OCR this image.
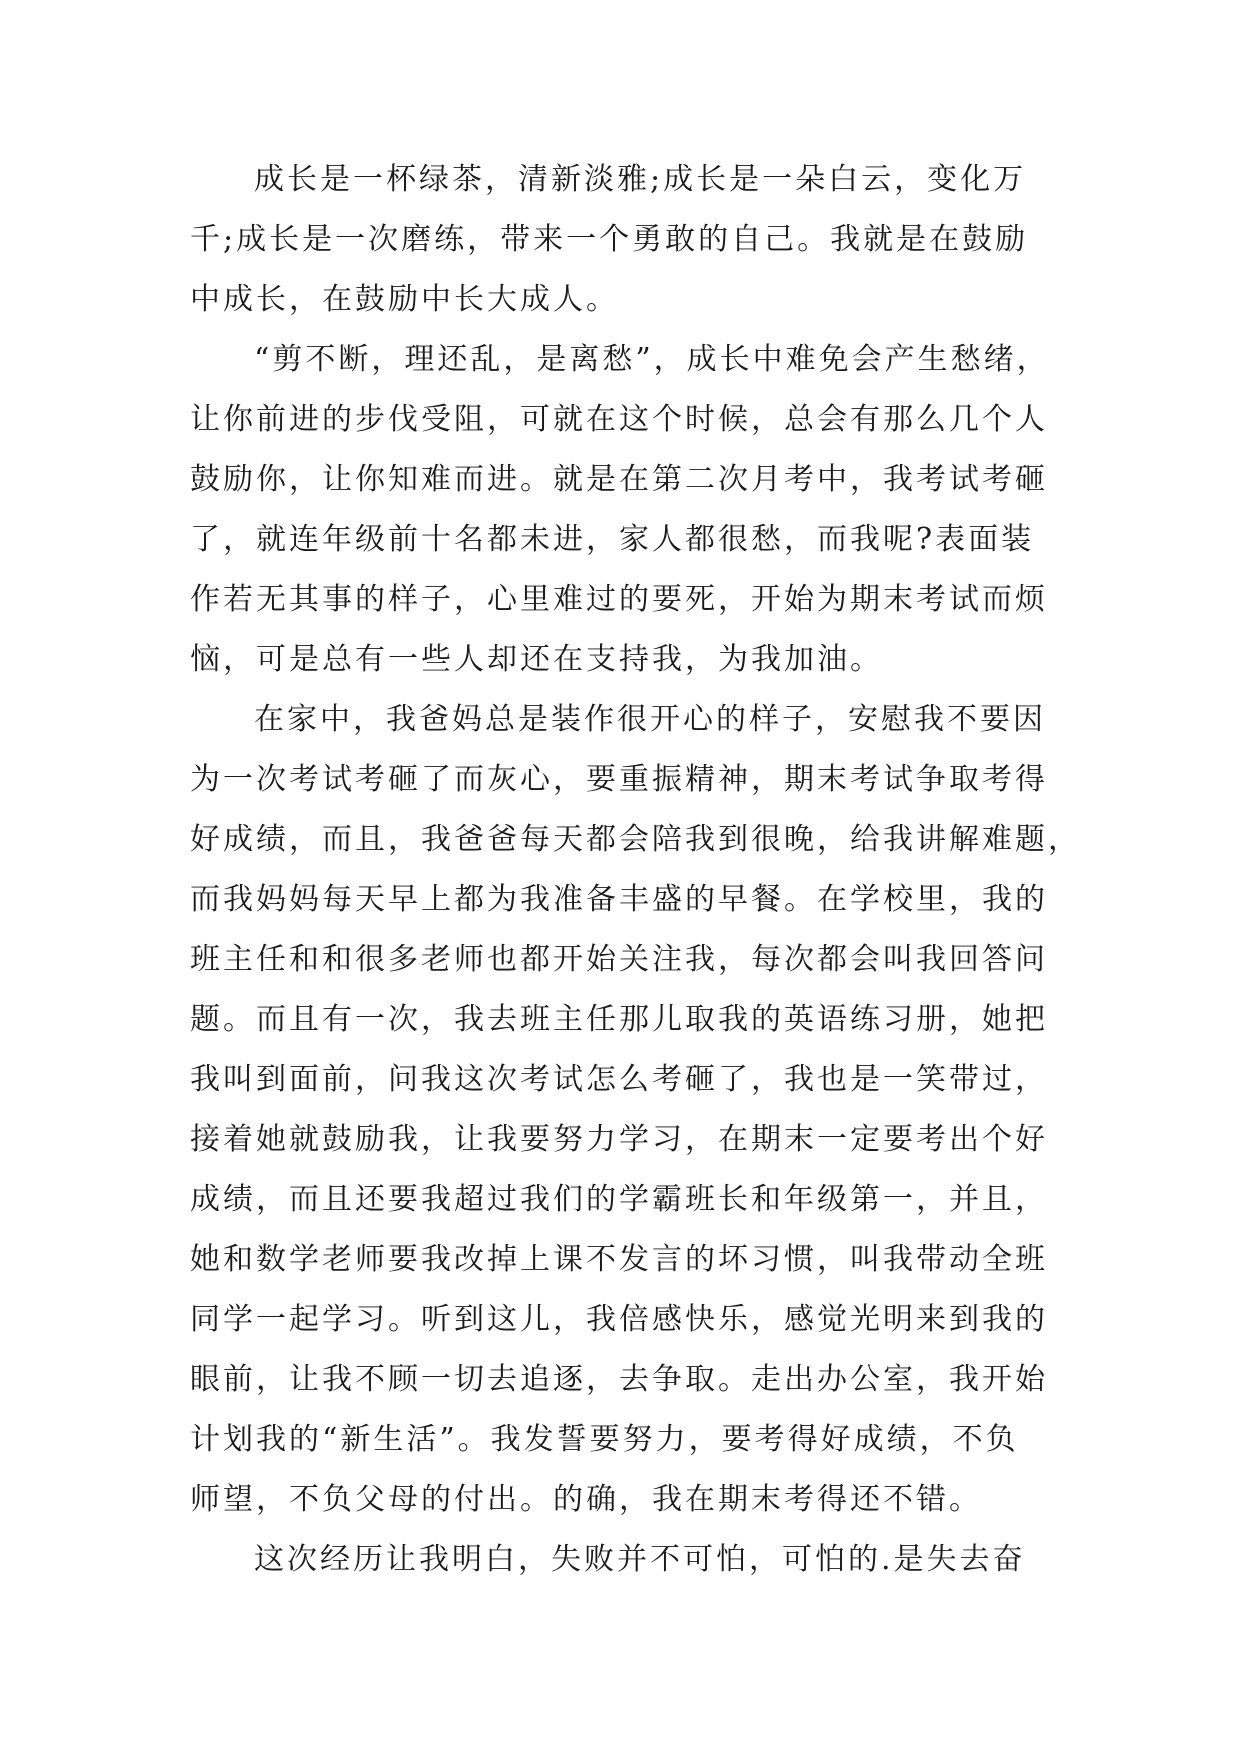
成长是一杯绿茶，清新淡雅;成长是一朵白云，变化万
千;成长是一次磨练，带来一个勇敢的自己。我就是在鼓励
中成长，在鼓励中长大成人。
“剪不断，理还乱，是离愁”，成长中难免会产生愁绪，
让你前进的步伐受阻，可就在这个时候，总会有那么几个人
鼓励你，让你知难而进。就是在第二次月考中，我考试考砸
了，就连年级前十名都未进，家人都很愁，而我呢?表面装
作若无其事的样子，心里难过的要死，开始为期末考试而烦
恼，可是总有一些人却还在支持我，为我加油。
在家中，我爸妈总是装作很开心的样子，安慰我不要因
为一次考试考砸了而灰心，要重振精神，期末考试争取考得
好成绩，而且，我爸爸每天都会陪我到很晚，给我讲解难题，
而我妈妈每天早上都为我准备丰盛的早餐。在学校里，我的
班主任和和很多老师也都开始关注我，每次都会叫我回答问
题。而且有一次，我去班主任那儿取我的英语练习册，她把
我叫到面前，问我这次考试怎么考砸了，我也是一笑带过，
接着她就鼓励我，让我要努力学习，在期末一定要考出个好
成绩，而且还要我超过我们的学霸班长和年级第一，并且，
她和数学老师要我改掉上课不发言的坏习惯，叫我带动全班
同学一起学习。听到这儿，我倍感快乐，感觉光明来到我的
眼前，让我不顾一切去追逐，去争取。走出办公室，我开始
计划我的“新生活”。我发誓要努力，要考得好成绩，不负
师望，不负父母的付出。的确，我在期末考得还不错。
这次经历让我明白，失败并不可怕，可怕的.是失去奋
